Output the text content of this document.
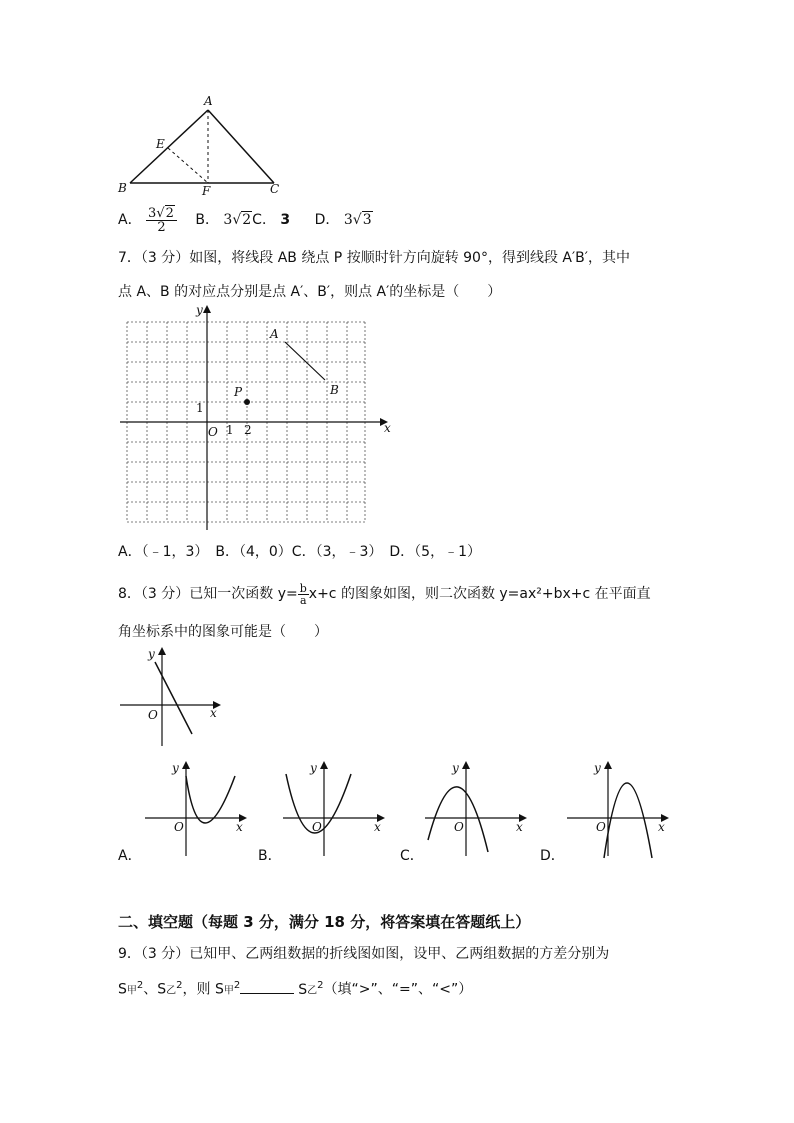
A
B	C
E
F
A． $\frac{3√2}{2}$ B． 3√2C． 3 D． 3√3
7．（3 分）如图，将线段 AB 绕点 P 按顺时针方向旋转 90°，得到线段 A′B′，其中
点 A、B 的对应点分别是点 A′、B′，则点 A′的坐标是（　　）
x
y
O 1 2
1
P
A
B
A．（﹣1，3）　B．（4，0）C．（3，﹣3）　D．（5，﹣1）
8．（3 分）已知一次函数 $y= \frac{b}{a} x+c$ 的图象如图，则二次函数 y=ax²+bx+c 在平面直
角坐标系中的图象可能是（　　）
x
y
O
x
y
O
A．
x
y
O
B．
x
y
O
C．
x
y
O
D．
二、填空题（每题 3 分，满分 18 分，将答案填在答题纸上）
9．（3 分）已知甲、乙两组数据的折线图如图，设甲、乙两组数据的方差分别为
S甲$^2$、S乙$^2$，则 S甲$^2$	S乙$^2$（填“>”、“=”、“<”）
